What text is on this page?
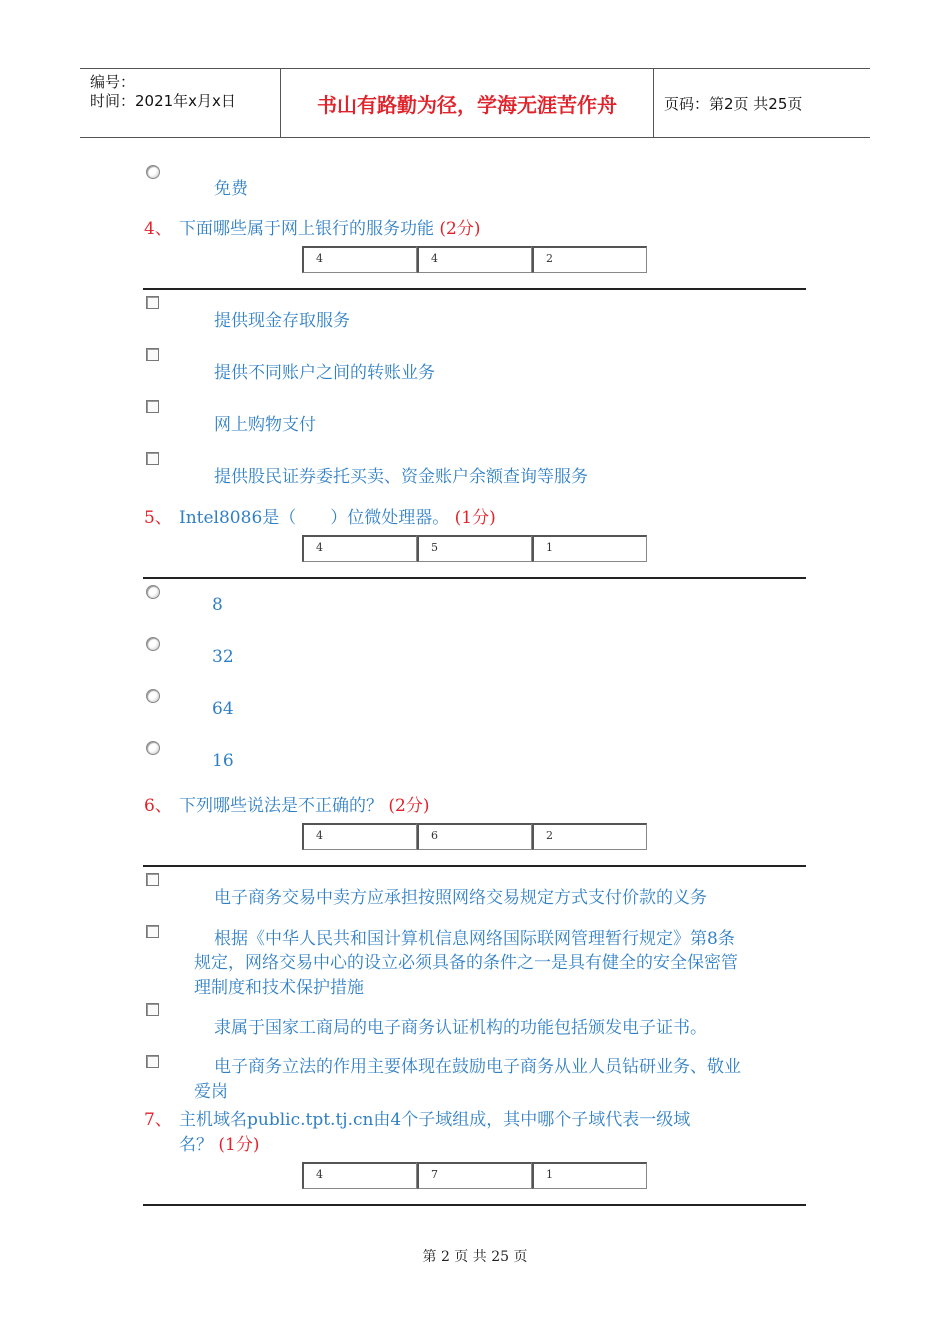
编号：
时间：2021年x月x日	书山有路勤为径，学海无涯苦作舟	页码：第2页 共25页
免费
4、 下面哪些属于网上银行的服务功能 (2分)
4	4	2
提供现金存取服务
提供不同账户之间的转账业务
网上购物支付
提供股民证券委托买卖、资金账户余额查询等服务
5、 Intel8086是（　　）位微处理器。 (1分)
4	5	1
8
32
64
16
6、 下列哪些说法是不正确的？ (2分)
4	6	2
电子商务交易中卖方应承担按照网络交易规定方式支付价款的义务
根据《中华人民共和国计算机信息网络国际联网管理暂行规定》第8条
规定，网络交易中心的设立必须具备的条件之一是具有健全的安全保密管
理制度和技术保护措施
隶属于国家工商局的电子商务认证机构的功能包括颁发电子证书。
电子商务立法的作用主要体现在鼓励电子商务从业人员钻研业务、敬业
爱岗
7、 主机域名public.tpt.tj.cn由4个子域组成，其中哪个子域代表一级域
名？ (1分)
4	7	1
第 2 页 共 25 页
